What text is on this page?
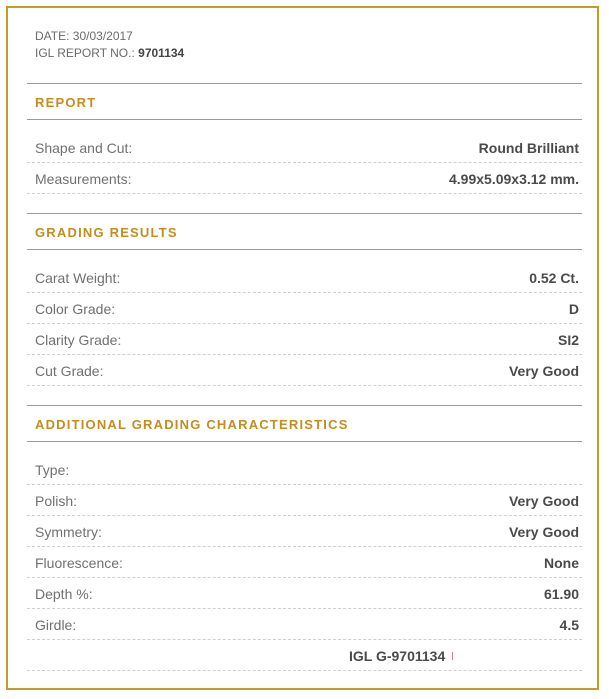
DATE: 30/03/2017
IGL REPORT NO.: 9701134
REPORT
Shape and Cut:	Round Brilliant
Measurements:	4.99x5.09x3.12 mm.
GRADING RESULTS
Carat Weight:	0.52 Ct.
Color Grade:	D
Clarity Grade:	SI2
Cut Grade:	Very Good
ADDITIONAL GRADING CHARACTERISTICS
Type:
Polish:	Very Good
Symmetry:	Very Good
Fluorescence:	None
Depth %:	61.90
Girdle:	4.5
IGL G-9701134
